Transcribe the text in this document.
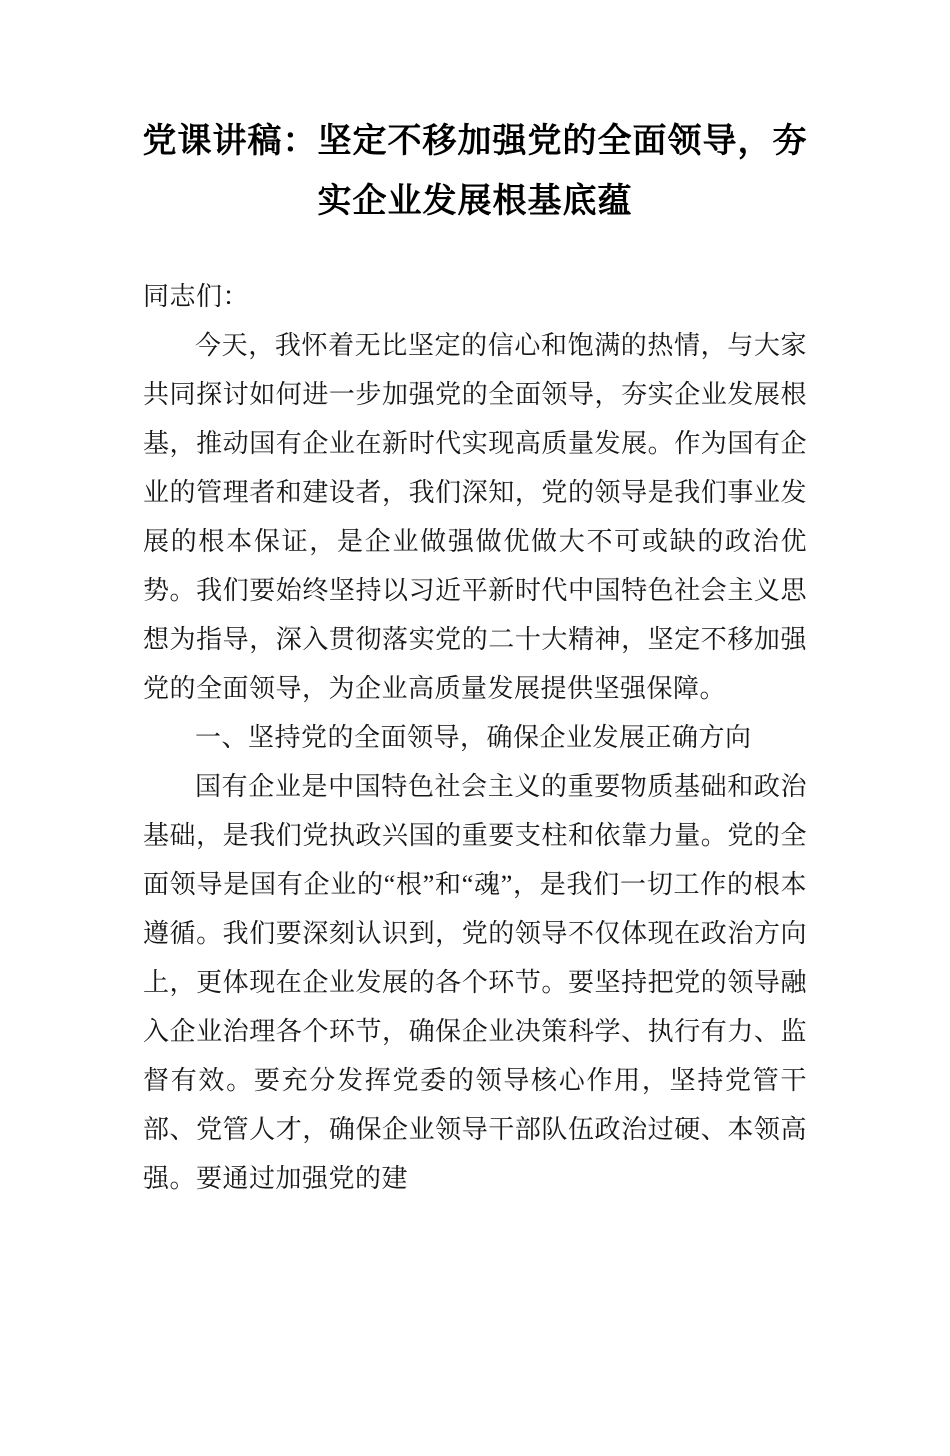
党课讲稿：坚定不移加强党的全面领导，夯实企业发展根基底蕴

同志们：

今天，我怀着无比坚定的信心和饱满的热情，与大家共同探讨如何进一步加强党的全面领导，夯实企业发展根基，推动国有企业在新时代实现高质量发展。作为国有企业的管理者和建设者，我们深知，党的领导是我们事业发展的根本保证，是企业做强做优做大不可或缺的政治优势。我们要始终坚持以习近平新时代中国特色社会主义思想为指导，深入贯彻落实党的二十大精神，坚定不移加强党的全面领导，为企业高质量发展提供坚强保障。

一、坚持党的全面领导，确保企业发展正确方向

国有企业是中国特色社会主义的重要物质基础和政治基础，是我们党执政兴国的重要支柱和依靠力量。党的全面领导是国有企业的“根”和“魂”，是我们一切工作的根本遵循。我们要深刻认识到，党的领导不仅体现在政治方向上，更体现在企业发展的各个环节。要坚持把党的领导融入企业治理各个环节，确保企业决策科学、执行有力、监督有效。要充分发挥党委的领导核心作用，坚持党管干部、党管人才，确保企业领导干部队伍政治过硬、本领高强。要通过加强党的建
